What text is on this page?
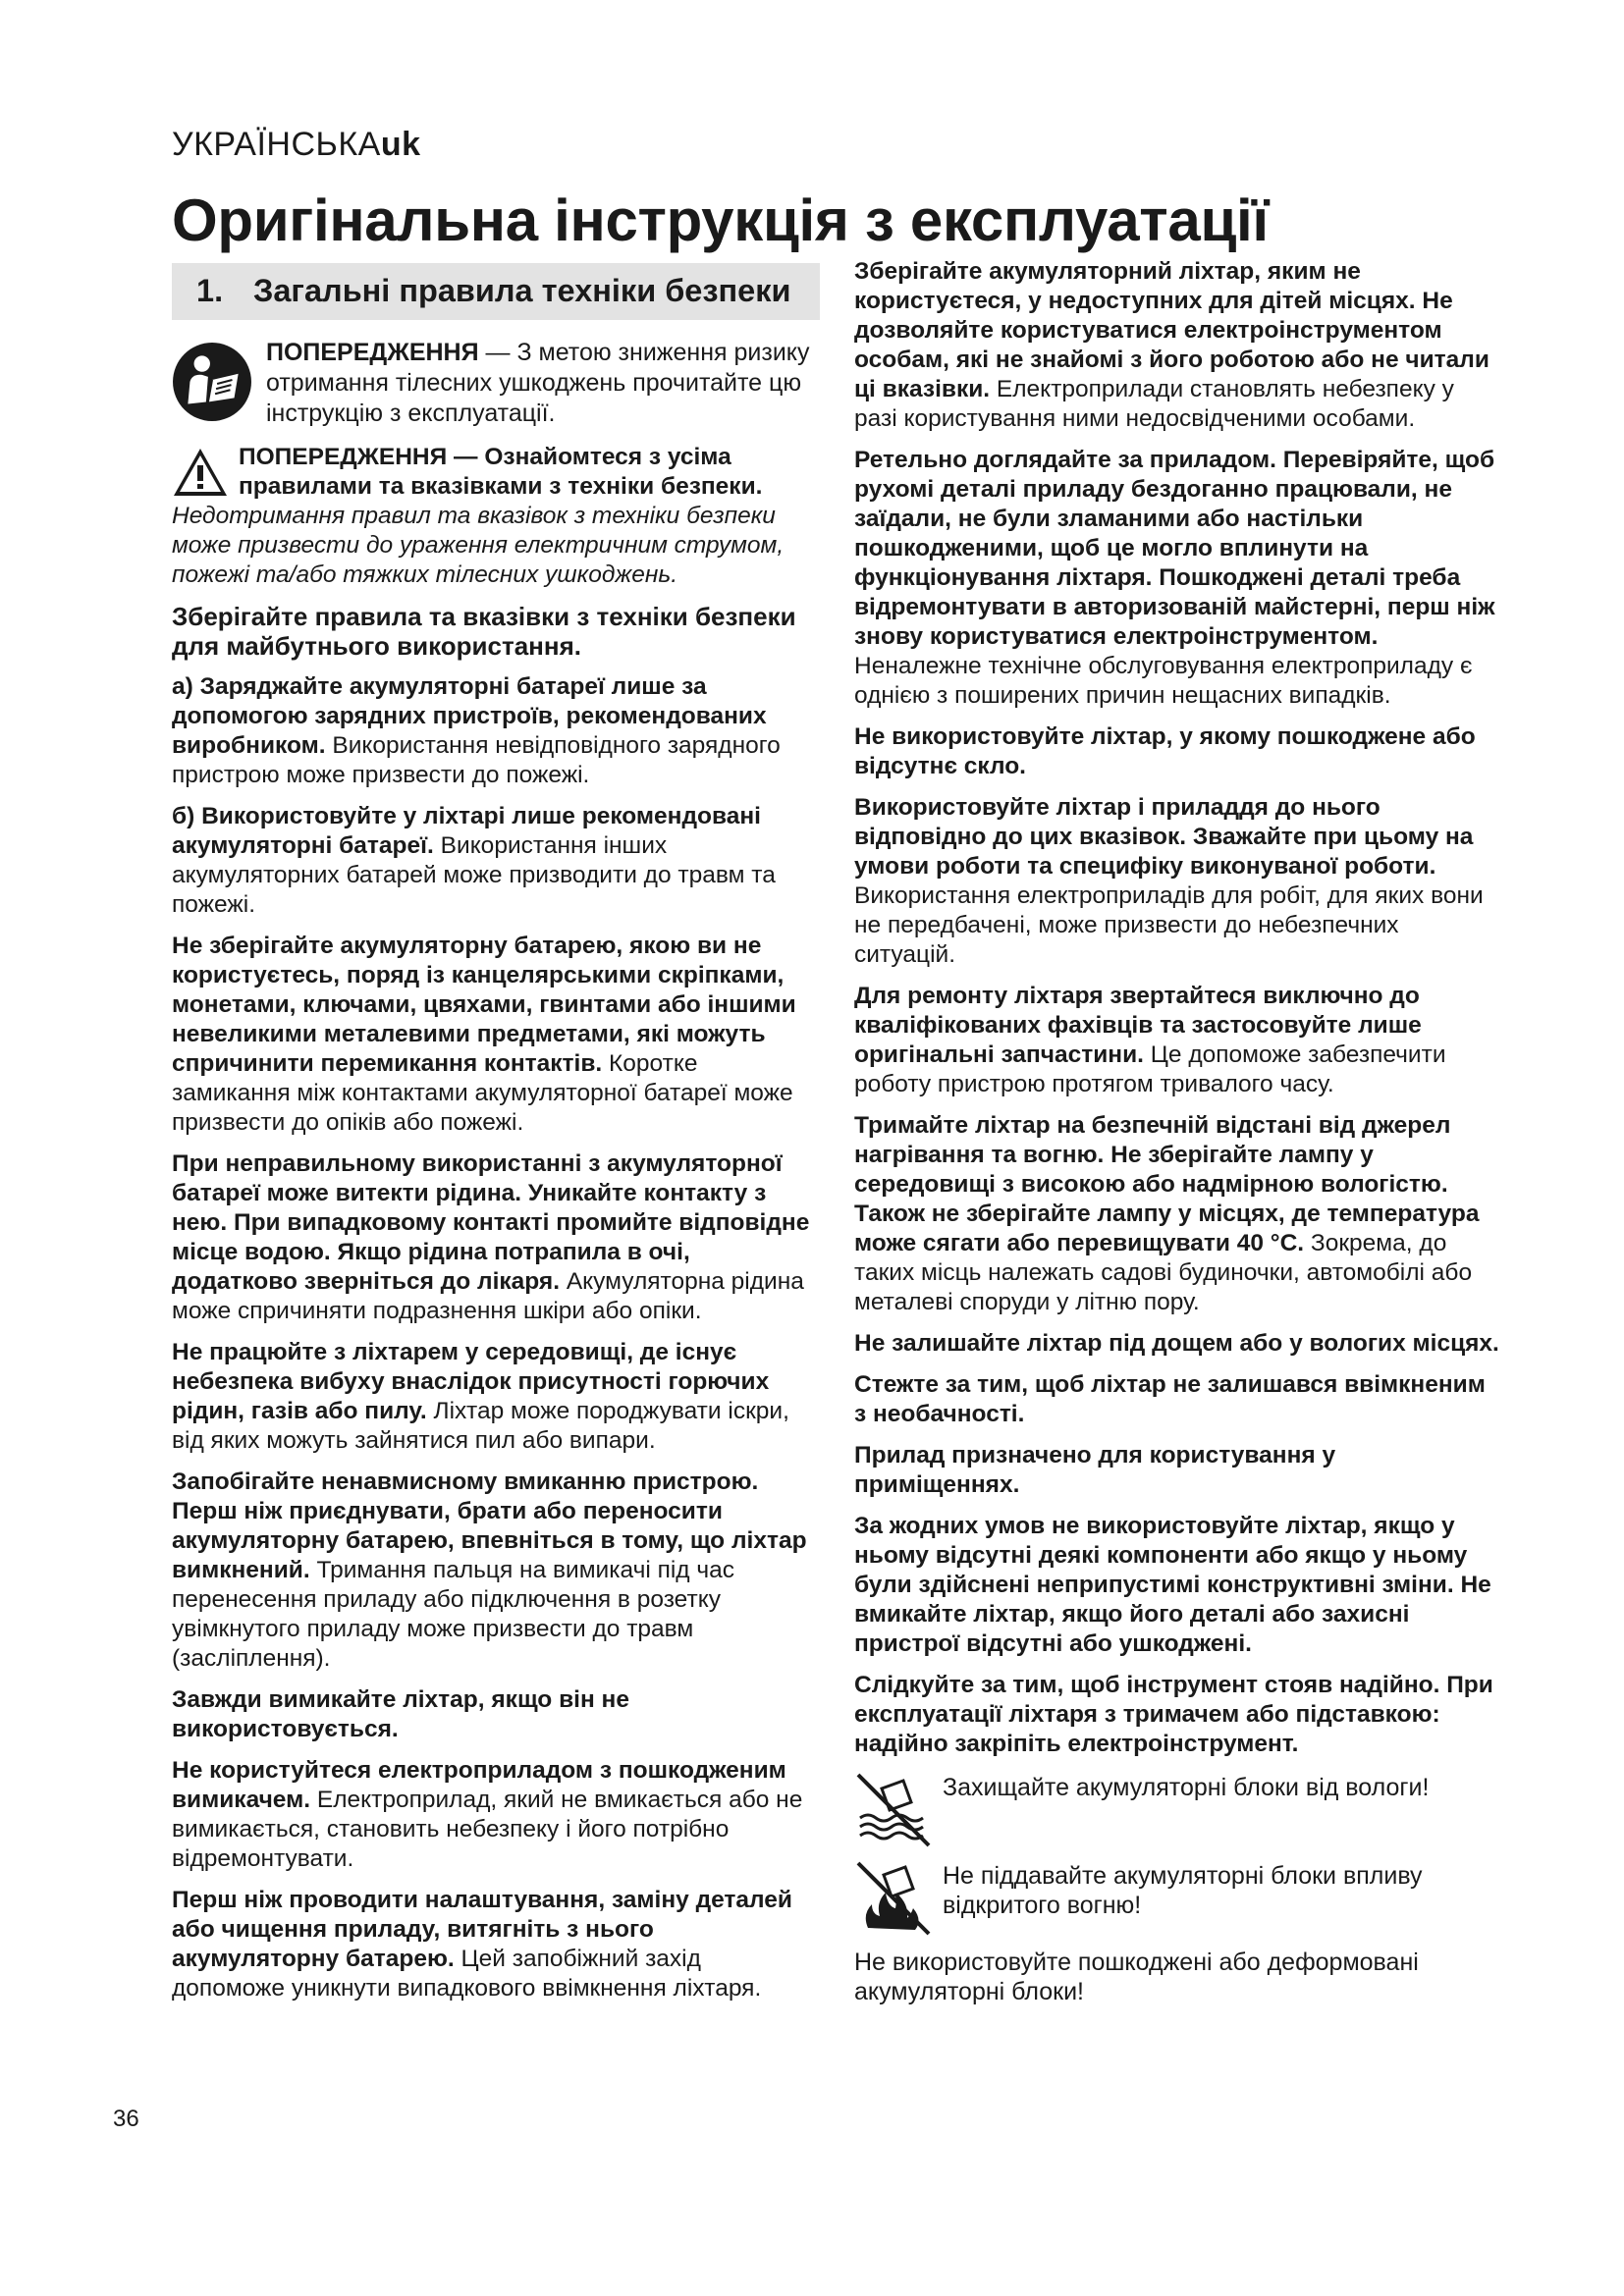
УКРАЇНСЬКАuk
Оригінальна інструкція з експлуатації
1. Загальні правила техніки безпеки
ПОПЕРЕДЖЕННЯ — З метою зниження ризику отримання тілесних ушкоджень прочитайте цю інструкцію з експлуатації.
ПОПЕРЕДЖЕННЯ — Ознайомтеся з усіма правилами та вказівками з техніки безпеки. Недотримання правил та вказівок з техніки безпеки може призвести до ураження електричним струмом, пожежі та/або тяжких тілесних ушкоджень.

Зберігайте правила та вказівки з техніки безпеки для майбутнього використання.

а) Заряджайте акумуляторні батареї лише за допомогою зарядних пристроїв, рекомендованих виробником. Використання невідповідного зарядного пристрою може призвести до пожежі.

б) Використовуйте у ліхтарі лише рекомендовані акумуляторні батареї. Використання інших акумуляторних батарей може призводити до травм та пожежі.

Не зберігайте акумуляторну батарею, якою ви не користуєтесь, поряд із канцелярськими скріпками, монетами, ключами, цвяхами, гвинтами або іншими невеликими металевими предметами, які можуть спричинити перемикання контактів. Коротке замикання між контактами акумуляторної батареї може призвести до опіків або пожежі.

При неправильному використанні з акумуляторної батареї може витекти рідина. Уникайте контакту з нею. При випадковому контакті промийте відповідне місце водою. Якщо рідина потрапила в очі, додатково зверніться до лікаря. Акумуляторна рідина може спричиняти подразнення шкіри або опіки.

Не працюйте з ліхтарем у середовищі, де існує небезпека вибуху внаслідок присутності горючих рідин, газів або пилу. Ліхтар може породжувати іскри, від яких можуть зайнятися пил або випари.

Запобігайте ненавмисному вмиканню пристрою. Перш ніж приєднувати, брати або переносити акумуляторну батарею, впевніться в тому, що ліхтар вимкнений. Тримання пальця на вимикачі під час перенесення приладу або підключення в розетку увімкнутого приладу може призвести до травм (засліплення).

Завжди вимикайте ліхтар, якщо він не використовується.

Не користуйтеся електроприладом з пошкодженим вимикачем. Електроприлад, який не вмикається або не вимикається, становить небезпеку і його потрібно відремонтувати.

Перш ніж проводити налаштування, заміну деталей або чищення приладу, витягніть з нього акумуляторну батарею. Цей запобіжний захід допоможе уникнути випадкового ввімкнення ліхтаря.

Зберігайте акумуляторний ліхтар, яким не користуєтеся, у недоступних для дітей місцях. Не дозволяйте користуватися електроінструментом особам, які не знайомі з його роботою або не читали ці вказівки. Електроприлади становлять небезпеку у разі користування ними недосвідченими особами.

Ретельно доглядайте за приладом. Перевіряйте, щоб рухомі деталі приладу бездоганно працювали, не заїдали, не були зламаними або настільки пошкодженими, щоб це могло вплинути на функціонування ліхтаря. Пошкоджені деталі треба відремонтувати в авторизованій майстерні, перш ніж знову користуватися електроінструментом. Неналежне технічне обслуговування електроприладу є однією з поширених причин нещасних випадків.

Не використовуйте ліхтар, у якому пошкоджене або відсутнє скло.

Використовуйте ліхтар і приладдя до нього відповідно до цих вказівок. Зважайте при цьому на умови роботи та специфіку виконуваної роботи. Використання електроприладів для робіт, для яких вони не передбачені, може призвести до небезпечних ситуацій.

Для ремонту ліхтаря звертайтеся виключно до кваліфікованих фахівців та застосовуйте лише оригінальні запчастини. Це допоможе забезпечити роботу пристрою протягом тривалого часу.

Тримайте ліхтар на безпечній відстані від джерел нагрівання та вогню. Не зберігайте лампу у середовищі з високою або надмірною вологістю. Також не зберігайте лампу у місцях, де температура може сягати або перевищувати 40 °C. Зокрема, до таких місць належать садові будиночки, автомобілі або металеві споруди у літню пору.

Не залишайте ліхтар під дощем або у вологих місцях.

Стежте за тим, щоб ліхтар не залишався ввімкненим з необачності.

Прилад призначено для користування у приміщеннях.

За жодних умов не використовуйте ліхтар, якщо у ньому відсутні деякі компоненти або якщо у ньому були здійснені неприпустимі конструктивні зміни. Не вмикайте ліхтар, якщо його деталі або захисні пристрої відсутні або ушкоджені.

Слідкуйте за тим, щоб інструмент стояв надійно. При експлуатації ліхтаря з тримачем або підставкою: надійно закріпіть електроінструмент.

Захищайте акумуляторні блоки від вологи!
Не піддавайте акумуляторні блоки впливу відкритого вогню!

Не використовуйте пошкоджені або деформовані акумуляторні блоки!

36
